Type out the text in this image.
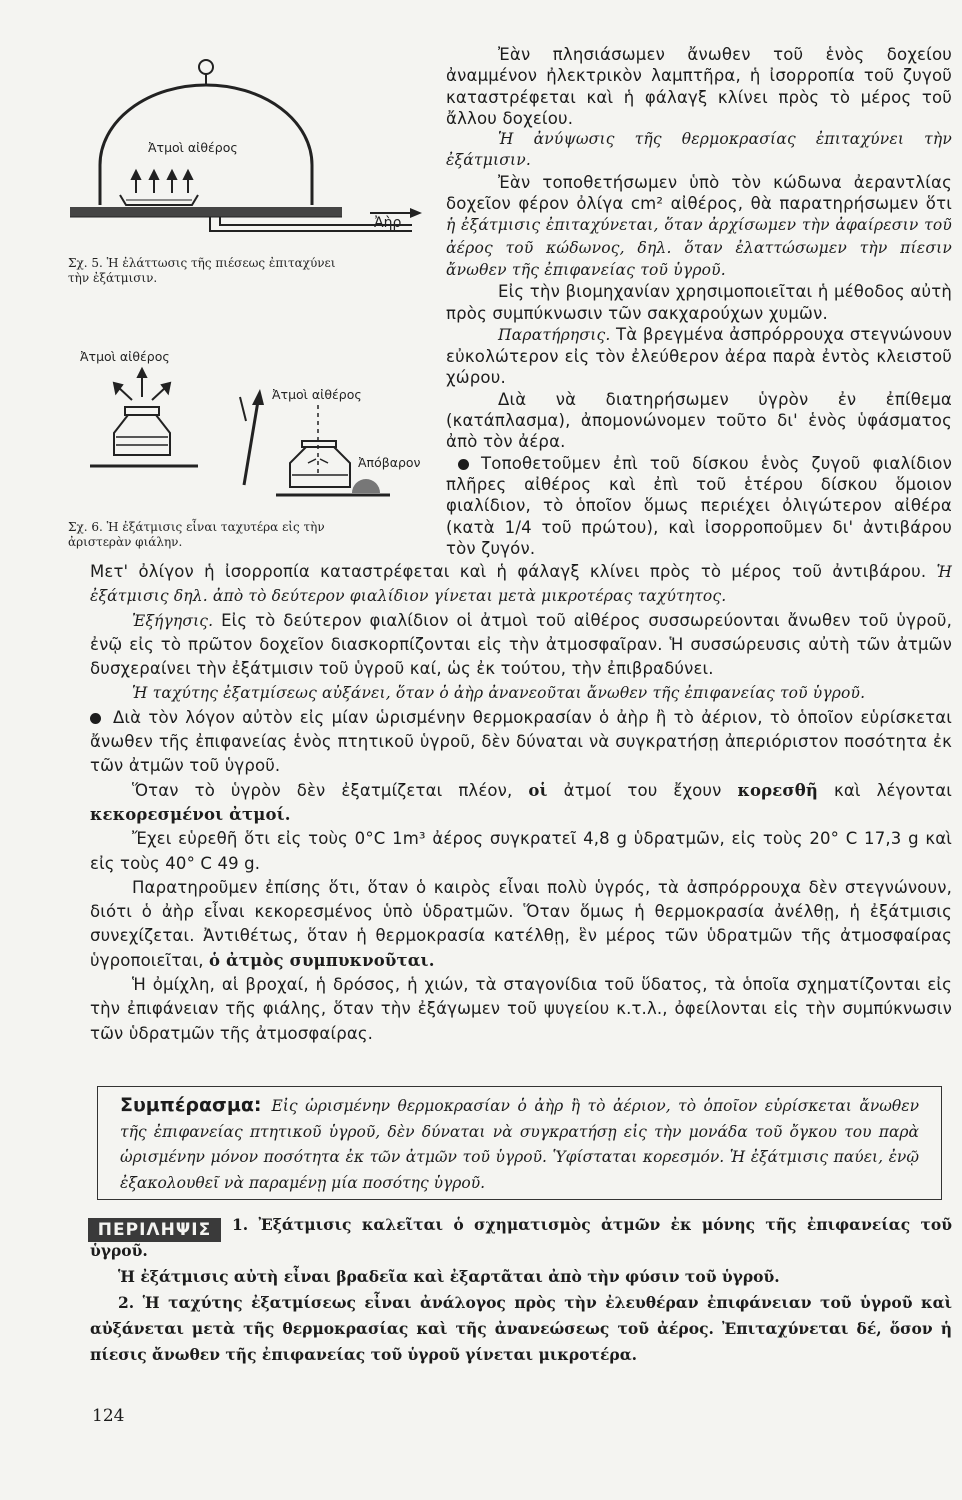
Ἀτμοὶ αἰθέρος
Ἀὴρ
Σχ. 5. Ἡ ἐλάττωσις τῆς πιέσεως ἐπιταχύνει
τὴν ἐξάτμισιν.
Ἀτμοὶ αἰθέρος
Ἀτμοὶ αἰθέρος
Ἀπόβαρον
Σχ. 6. Ἡ ἐξάτμισις εἶναι ταχυτέρα εἰς τὴν
ἀριστερὰν φιάλην.

Ἐὰν πλησιάσωμεν ἄνωθεν τοῦ ἑνὸς δοχείου ἀναμμένον ἠλεκτρικὸν λαμπτῆρα, ἡ ἰσορροπία τοῦ ζυγοῦ καταστρέφεται καὶ ἡ φάλαγξ κλίνει πρὸς τὸ μέρος τοῦ ἄλλου δοχείου.

Ἡ ἀνύψωσις τῆς θερμοκρασίας ἐπιταχύνει τὴν ἐξάτμισιν.

Ἐὰν τοποθετήσωμεν ὑπὸ τὸν κώδωνα ἀεραντλίας δοχεῖον φέρον ὀλίγα cm² αἰθέρος, θὰ παρατηρήσωμεν ὅτι ἡ ἐξάτμισις ἐπιταχύνεται, ὅταν ἀρχίσωμεν τὴν ἀφαίρεσιν τοῦ ἀέρος τοῦ κώδωνος, δηλ. ὅταν ἐλαττώσωμεν τὴν πίεσιν ἄνωθεν τῆς ἐπιφανείας τοῦ ὑγροῦ.

Εἰς τὴν βιομηχανίαν χρησιμοποιεῖται ἡ μέθοδος αὐτὴ πρὸς συμπύκνωσιν τῶν σακχαρούχων χυμῶν.

Παρατήρησις. Τὰ βρεγμένα ἀσπρόρρουχα στεγνώνουν εὐκολώτερον εἰς τὸν ἐλεύθερον ἀέρα παρὰ ἐντὸς κλειστοῦ χώρου.

Διὰ νὰ διατηρήσωμεν ὑγρὸν ἐν ἐπίθεμα (κατάπλασμα), ἀπομονώνομεν τοῦτο δι' ἑνὸς ὑφάσματος ἀπὸ τὸν ἀέρα.

Τοποθετοῦμεν ἐπὶ τοῦ δίσκου ἑνὸς ζυγοῦ φιαλίδιον πλῆρες αἰθέρος καὶ ἐπὶ τοῦ ἑτέρου δίσκου ὅμοιον φιαλίδιον, τὸ ὁποῖον ὅμως περιέχει ὀλιγώτερον αἰθέρα (κατὰ 1/4 τοῦ πρώτου), καὶ ἰσορροποῦμεν δι' ἀντιβάρου τὸν ζυγόν.

Μετ' ὀλίγον ἡ ἰσορροπία καταστρέφεται καὶ ἡ φάλαγξ κλίνει πρὸς τὸ μέρος τοῦ ἀντιβάρου. Ἡ ἐξάτμισις δηλ. ἀπὸ τὸ δεύτερον φιαλίδιον γίνεται μετὰ μικροτέρας ταχύτητος.

Ἐξήγησις. Εἰς τὸ δεύτερον φιαλίδιον οἱ ἀτμοὶ τοῦ αἰθέρος συσσωρεύονται ἄνωθεν τοῦ ὑγροῦ, ἐνῷ εἰς τὸ πρῶτον δοχεῖον διασκορπίζονται εἰς τὴν ἀτμοσφαῖραν. Ἡ συσσώρευσις αὐτὴ τῶν ἀτμῶν δυσχεραίνει τὴν ἐξάτμισιν τοῦ ὑγροῦ καί, ὡς ἐκ τούτου, τὴν ἐπιβραδύνει.

Ἡ ταχύτης ἐξατμίσεως αὐξάνει, ὅταν ὁ ἀὴρ ἀνανεοῦται ἄνωθεν τῆς ἐπιφανείας τοῦ ὑγροῦ.

Διὰ τὸν λόγον αὐτὸν εἰς μίαν ὡρισμένην θερμοκρασίαν ὁ ἀὴρ ἢ τὸ ἀέριον, τὸ ὁποῖον εὑρίσκεται ἄνωθεν τῆς ἐπιφανείας ἑνὸς πτητικοῦ ὑγροῦ, δὲν δύναται νὰ συγκρατήσῃ ἀπεριόριστον ποσότητα ἐκ τῶν ἀτμῶν τοῦ ὑγροῦ.

Ὅταν τὸ ὑγρὸν δὲν ἐξατμίζεται πλέον, οἱ ἀτμοί του ἔχουν κορεσθῆ καὶ λέγονται κεκορεσμένοι ἀτμοί.

Ἔχει εὑρεθῆ ὅτι εἰς τοὺς 0°C 1m³ ἀέρος συγκρατεῖ 4,8 g ὑδρατμῶν, εἰς τοὺς 20° C 17,3 g καὶ εἰς τοὺς 40° C 49 g.

Παρατηροῦμεν ἐπίσης ὅτι, ὅταν ὁ καιρὸς εἶναι πολὺ ὑγρός, τὰ ἀσπρόρρουχα δὲν στεγνώνουν, διότι ὁ ἀὴρ εἶναι κεκορεσμένος ὑπὸ ὑδρατμῶν. Ὅταν ὅμως ἡ θερμοκρασία ἀνέλθῃ, ἡ ἐξάτμισις συνεχίζεται. Ἀντιθέτως, ὅταν ἡ θερμοκρασία κατέλθῃ, ἓν μέρος τῶν ὑδρατμῶν τῆς ἀτμοσφαίρας ὑγροποιεῖται, ὁ ἀτμὸς συμπυκνοῦται.

Ἡ ὀμίχλη, αἱ βροχαί, ἡ δρόσος, ἡ χιών, τὰ σταγονίδια τοῦ ὕδατος, τὰ ὁποῖα σχηματίζονται εἰς τὴν ἐπιφάνειαν τῆς φιάλης, ὅταν τὴν ἐξάγωμεν τοῦ ψυγείου κ.τ.λ., ὀφείλονται εἰς τὴν συμπύκνωσιν τῶν ὑδρατμῶν τῆς ἀτμοσφαίρας.

Συμπέρασμα: Εἰς ὡρισμένην θερμοκρασίαν ὁ ἀὴρ ἢ τὸ ἀέριον, τὸ ὁποῖον εὑρίσκεται ἄνωθεν τῆς ἐπιφανείας πτητικοῦ ὑγροῦ, δὲν δύναται νὰ συγκρατήσῃ εἰς τὴν μονάδα τοῦ ὄγκου του παρὰ ὡρισμένην μόνον ποσότητα ἐκ τῶν ἀτμῶν τοῦ ὑγροῦ. Ὑφίσταται κορεσμόν. Ἡ ἐξάτμισις παύει, ἐνῷ ἐξακολουθεῖ νὰ παραμένῃ μία ποσότης ὑγροῦ.
ΠΕΡΙΛΗΨΙΣ	1. Ἐξάτμισις καλεῖται ὁ σχηματισμὸς ἀτμῶν ἐκ μόνης τῆς ἐπιφανείας τοῦ ὑγροῦ.

Ἡ ἐξάτμισις αὐτὴ εἶναι βραδεῖα καὶ ἐξαρτᾶται ἀπὸ τὴν φύσιν τοῦ ὑγροῦ.

2. Ἡ ταχύτης ἐξατμίσεως εἶναι ἀνάλογος πρὸς τὴν ἐλευθέραν ἐπιφάνειαν τοῦ ὑγροῦ καὶ αὐξάνεται μετὰ τῆς θερμοκρασίας καὶ τῆς ἀνανεώσεως τοῦ ἀέρος. Ἐπιταχύνεται δέ, ὅσον ἡ πίεσις ἄνωθεν τῆς ἐπιφανείας τοῦ ὑγροῦ γίνεται μικροτέρα.

124
